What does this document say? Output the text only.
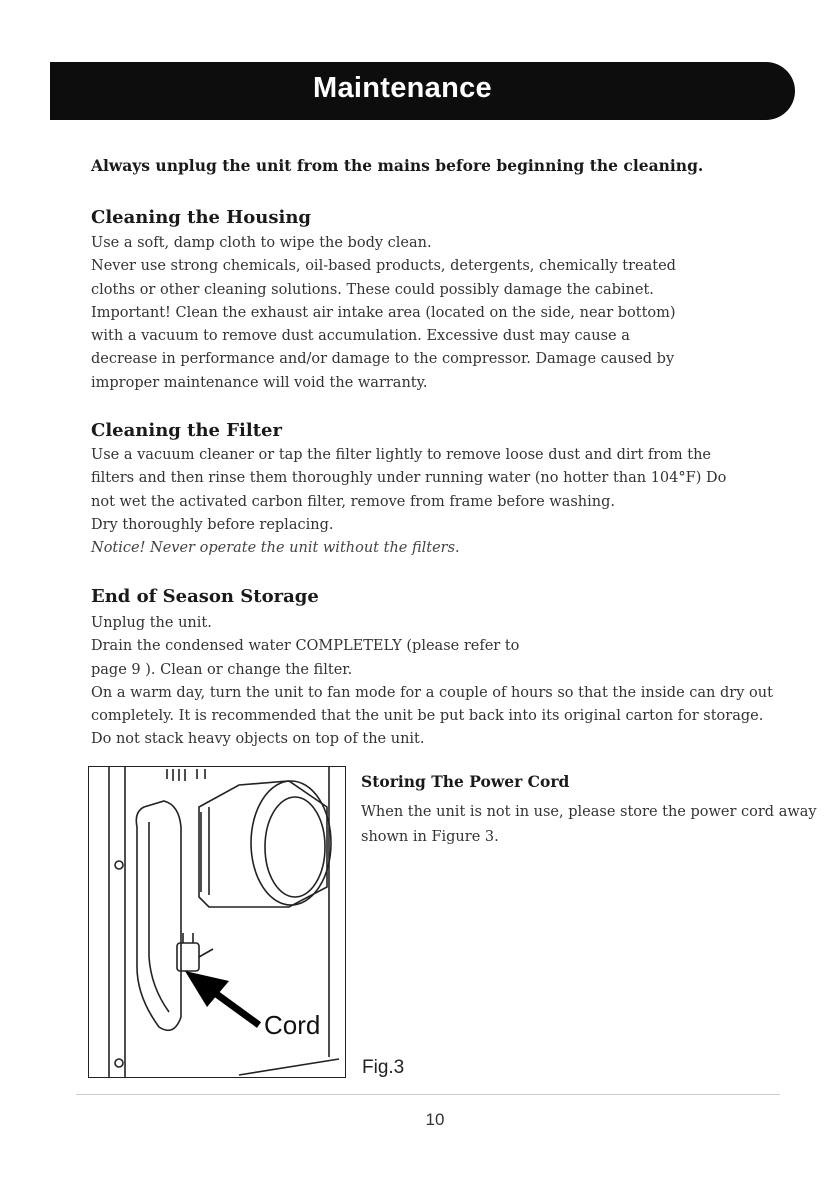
Maintenance
Always unplug the unit from the mains before beginning the cleaning.
Cleaning the Housing
Use a soft, damp cloth to wipe the body clean.
Never use strong chemicals, oil-based products, detergents, chemically treated
cloths or other cleaning solutions. These could possibly damage the cabinet.
Important! Clean the exhaust air intake area (located on the side, near bottom)
with a vacuum to remove dust accumulation. Excessive dust may cause a
decrease in performance and/or damage to the compressor. Damage caused by
improper maintenance will void the warranty.
Cleaning the Filter
Use a vacuum cleaner or tap the filter lightly to remove loose dust and dirt from the
filters and then rinse them thoroughly under running water (no hotter than 104°F) Do
not wet the activated carbon filter, remove from frame before washing.
Dry thoroughly before replacing.
Notice! Never operate the unit without the filters.
End of Season Storage
Unplug the unit.
Drain the condensed water COMPLETELY (please refer to
page 9 ). Clean or change the filter.
On a warm day, turn the unit to fan mode for a couple of hours so that the inside can dry out
completely. It is recommended that the unit be put back into its original carton for storage.
Do not stack heavy objects on top of the unit.
Cord
Fig.3
Storing The Power Cord
When the unit is not in use, please store the power cord away
shown in Figure 3.
10
